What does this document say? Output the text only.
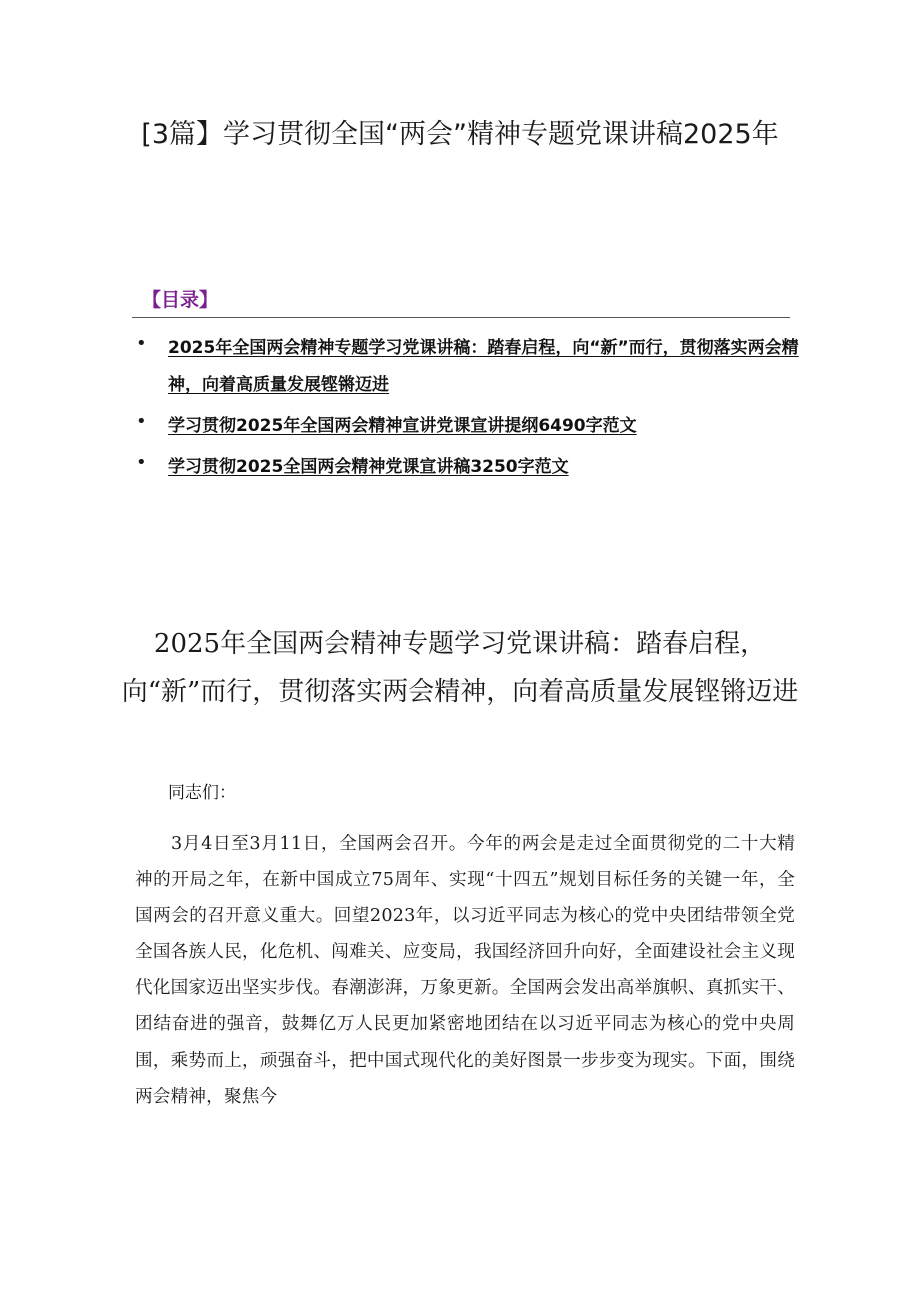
[3篇】学习贯彻全国“两会”精神专题党课讲稿2025年
【目录】
• 2025年全国两会精神专题学习党课讲稿：踏春启程，向“新”而行，贯彻落实两会精神，向着高质量发展铿锵迈进
• 学习贯彻2025年全国两会精神宣讲党课宣讲提纲6490字范文
• 学习贯彻2025全国两会精神党课宣讲稿3250字范文
2025年全国两会精神专题学习党课讲稿：踏春启程，向“新”而行，贯彻落实两会精神，向着高质量发展铿锵迈进

同志们：

3月4日至3月11日，全国两会召开。今年的两会是走过全面贯彻党的二十大精神的开局之年，在新中国成立75周年、实现“十四五”规划目标任务的关键一年，全国两会的召开意义重大。回望2023年，以习近平同志为核心的党中央团结带领全党全国各族人民，化危机、闯难关、应变局，我国经济回升向好，全面建设社会主义现代化国家迈出坚实步伐。春潮澎湃，万象更新。全国两会发出高举旗帜、真抓实干、团结奋进的强音，鼓舞亿万人民更加紧密地团结在以习近平同志为核心的党中央周围，乘势而上，顽强奋斗，把中国式现代化的美好图景一步步变为现实。下面，围绕两会精神，聚焦今
